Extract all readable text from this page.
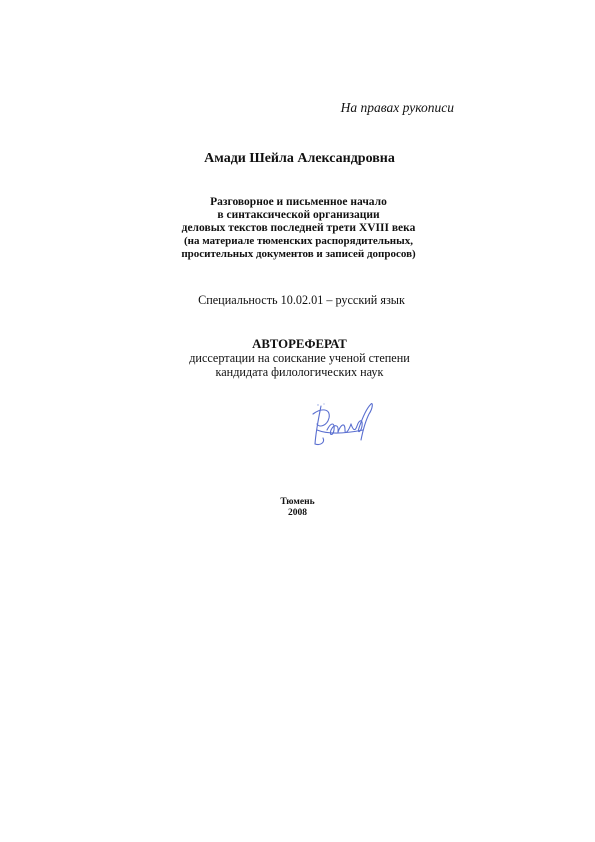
На правах рукописи
Амади Шейла Александровна
Разговорное и письменное начало
в синтаксической организации
деловых текстов последней трети XVIII века
(на материале тюменских распорядительных,
просительных документов и записей допросов)
Специальность 10.02.01 – русский язык
АВТОРЕФЕРАТ
диссертации на соискание ученой степени
кандидата филологических наук
Тюмень
2008
